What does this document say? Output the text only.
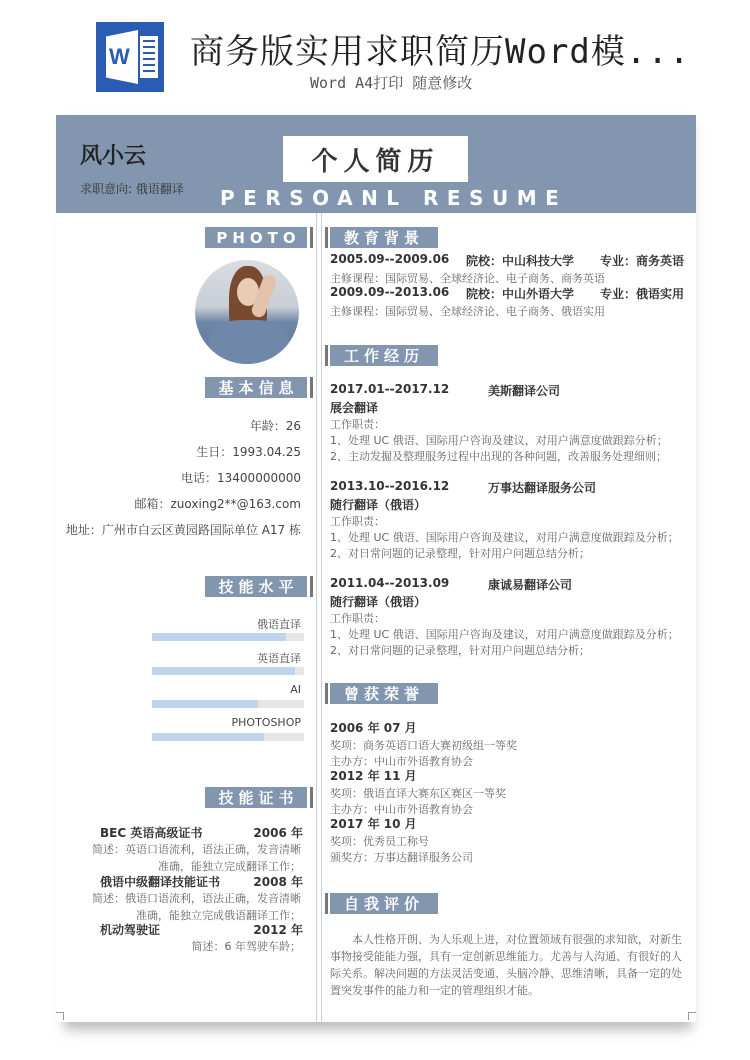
W 商务版实用求职简历Word模...
Word A4打印 随意修改
风小云
求职意向: 俄语翻译
个人简历
PERSOANL RESUME
PHOTO
基本信息
年龄：26
生日：1993.04.25
电话：13400000000
邮箱：zuoxing2**@163.com
地址：广州市白云区黄园路国际单位 A17 栋
技能水平
俄语直译
英语直译
AI
PHOTOSHOP
技能证书
BEC 英语高级证书	2006 年
简述：英语口语流利，语法正确，发音清晰
准确，能独立完成翻译工作；
俄语中级翻译技能证书	2008 年
简述：俄语口语流利，语法正确，发音清晰
准确，能独立完成俄语翻译工作；
机动驾驶证	2012 年
简述：6 年驾驶车龄；
教育背景
2005.09--2009.06 院校：中山科技大学 专业：商务英语
主修课程：国际贸易、全球经济论、电子商务、商务英语
2009.09--2013.06 院校：中山外语大学 专业：俄语实用
主修课程：国际贸易、全球经济论、电子商务、俄语实用
工作经历
2017.01--2017.12	美斯翻译公司
展会翻译
工作职责：
1、处理 UC 俄语、国际用户咨询及建议，对用户满意度做跟踪分析；
2、主动发掘及整理服务过程中出现的各种问题，改善服务处理细则；
2013.10--2016.12	万事达翻译服务公司
随行翻译（俄语）
工作职责：
1、处理 UC 俄语、国际用户咨询及建议，对用户满意度做跟踪及分析；
2、对日常问题的记录整理，针对用户问题总结分析；
2011.04--2013.09	康诚易翻译公司
随行翻译（俄语）
工作职责：
1、处理 UC 俄语、国际用户咨询及建议，对用户满意度做跟踪及分析；
2、对日常问题的记录整理，针对用户问题总结分析；
曾获荣誉
2006 年 07 月
奖项：商务英语口语大赛初级组一等奖
主办方：中山市外语教育协会
2012 年 11 月
奖项：俄语直译大赛东区赛区一等奖
主办方：中山市外语教育协会
2017 年 10 月
奖项：优秀员工称号
颁奖方：万事达翻译服务公司
自我评价
本人性格开朗、为人乐观上进，对位置领域有很强的求知欲，对新生事物接受能能力强，具有一定创新思维能力。尤善与人沟通、有很好的人际关系。解决问题的方法灵活变通、头脑冷静、思维清晰，具备一定的处置突发事件的能力和一定的管理组织才能。
